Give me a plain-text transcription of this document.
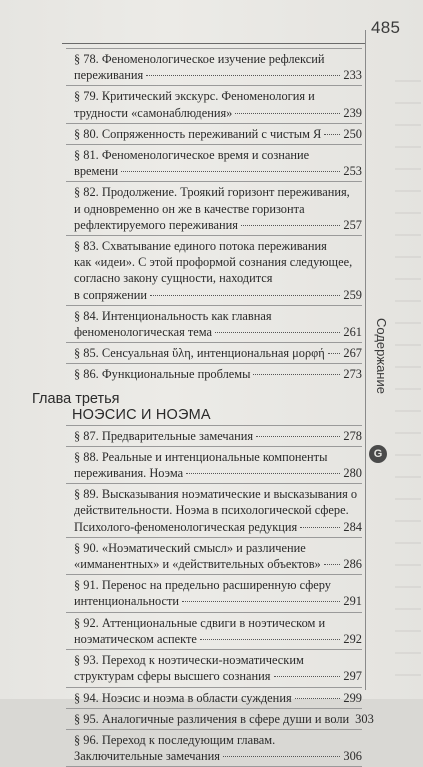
485
Содержание
G
§ 78. Феноменологическое изучение рефлексий
переживания	233
§ 79. Критический экскурс. Феноменология и
трудности «самонаблюдения»	239
§ 80. Сопряженность переживаний с чистым Я 250
§ 81. Феноменологическое время и сознание
времени	253
§ 82. Продолжение. Троякий горизонт переживания,
и одновременно он же в качестве горизонта
рефлектируемого переживания	257
§ 83. Схватывание единого потока переживания
как «идеи». С этой проформой сознания следующее,
согласно закону сущности, находится
в сопряжении	259
§ 84. Интенциональность как главная
феноменологическая тема	261
§ 85. Сенсуальная ὕλη, интенциональная μορφή 267
§ 86. Функциональные проблемы	273
Глава третья
НОЭСИС И НОЭМА
§ 87. Предварительные замечания	278
§ 88. Реальные и интенциональные компоненты
переживания. Ноэма	280
§ 89. Высказывания ноэматические и высказывания о
действительности. Ноэма в психологической сфере.
Психолого-феноменологическая редукция	284
§ 90. «Ноэматический смысл» и различение
«имманентных» и «действительных объектов» 286
§ 91. Перенос на предельно расширенную сферу
интенциональности	291
§ 92. Аттенциональные сдвиги в ноэтическом и
ноэматическом аспекте	292
§ 93. Переход к ноэтически-ноэматическим
структурам сферы высшего сознания	297
§ 94. Ноэсис и ноэма в области суждения	299
§ 95. Аналогичные различения в сфере души и воли 303
§ 96. Переход к последующим главам.
Заключительные замечания	306
